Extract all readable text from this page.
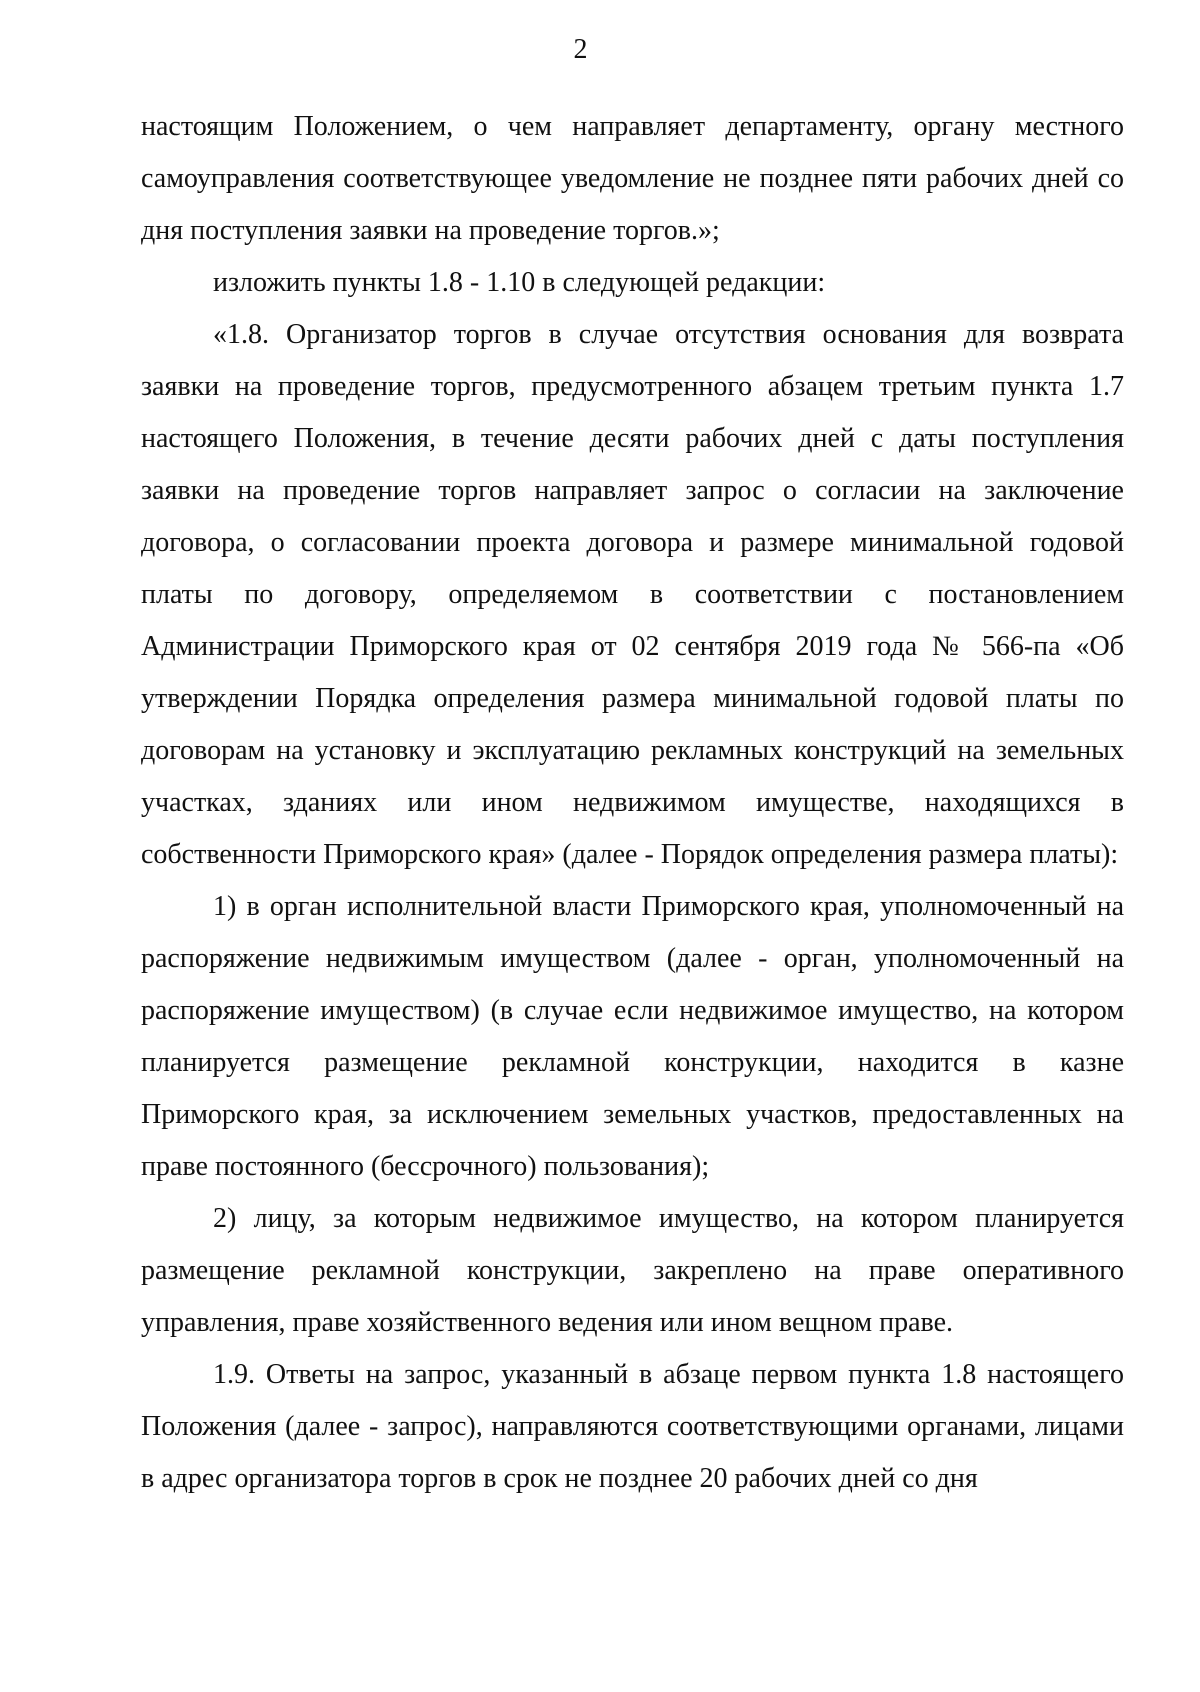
2

настоящим Положением, о чем направляет департаменту, органу местного самоуправления соответствующее уведомление не позднее пяти рабочих дней со дня поступления заявки на проведение торгов.»;

изложить пункты 1.8 - 1.10 в следующей редакции:

«1.8. Организатор торгов в случае отсутствия основания для возврата заявки на проведение торгов, предусмотренного абзацем третьим пункта 1.7 настоящего Положения, в течение десяти рабочих дней с даты поступления заявки на проведение торгов направляет запрос о согласии на заключение договора, о согласовании проекта договора и размере минимальной годовой платы по договору, определяемом в соответствии с постановлением Администрации Приморского края от 02 сентября 2019 года № 566-па «Об утверждении Порядка определения размера минимальной годовой платы по договорам на установку и эксплуатацию рекламных конструкций на земельных участках, зданиях или ином недвижимом имуществе, находящихся в собственности Приморского края» (далее - Порядок определения размера платы):

1) в орган исполнительной власти Приморского края, уполномоченный на распоряжение недвижимым имуществом (далее - орган, уполномоченный на распоряжение имуществом) (в случае если недвижимое имущество, на котором планируется размещение рекламной конструкции, находится в казне Приморского края, за исключением земельных участков, предоставленных на праве постоянного (бессрочного) пользования);

2) лицу, за которым недвижимое имущество, на котором планируется размещение рекламной конструкции, закреплено на праве оперативного управления, праве хозяйственного ведения или ином вещном праве.

1.9. Ответы на запрос, указанный в абзаце первом пункта 1.8 настоящего Положения (далее - запрос), направляются соответствующими органами, лицами в адрес организатора торгов в срок не позднее 20 рабочих дней со дня
